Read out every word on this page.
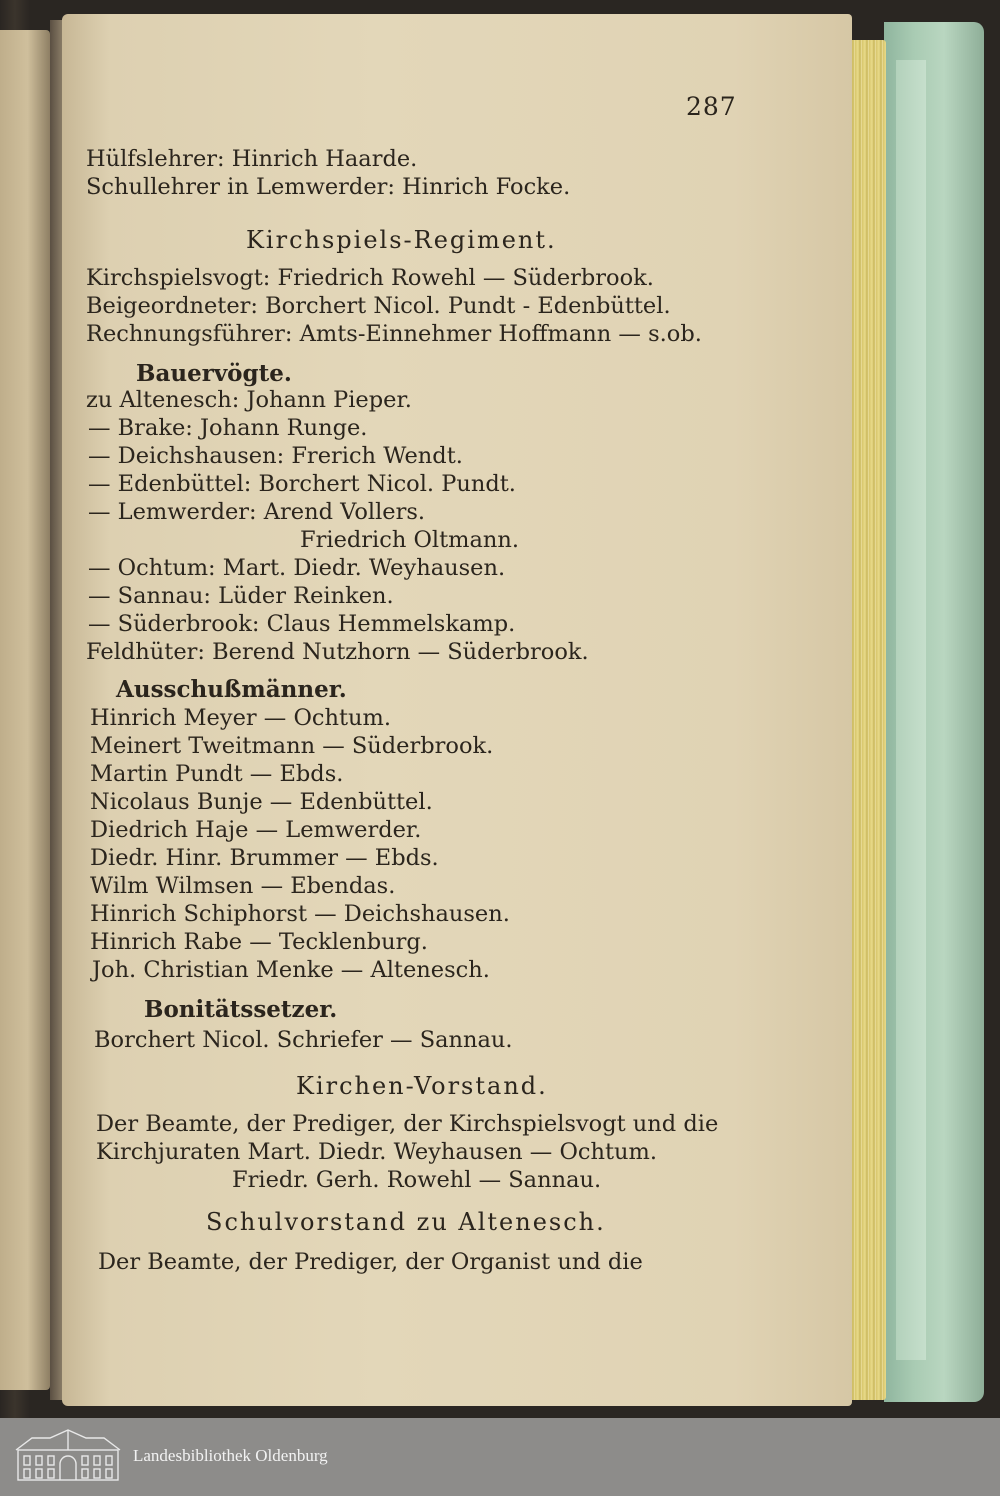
287
Hülfslehrer: Hinrich Haarde.
Schullehrer in Lemwerder: Hinrich Focke.
Kirchspiels-Regiment.
Kirchspielsvogt: Friedrich Rowehl — Süderbrook.
Beigeordneter: Borchert Nicol. Pundt - Edenbüttel.
Rechnungsführer: Amts-Einnehmer Hoffmann — s.ob.
Bauervögte.
zu Altenesch: Johann Pieper.
— Brake: Johann Runge.
— Deichshausen: Frerich Wendt.
— Edenbüttel: Borchert Nicol. Pundt.
— Lemwerder: Arend Vollers.
Friedrich Oltmann.
— Ochtum: Mart. Diedr. Weyhausen.
— Sannau: Lüder Reinken.
— Süderbrook: Claus Hemmelskamp.
Feldhüter: Berend Nutzhorn — Süderbrook.
Ausschußmänner.
Hinrich Meyer — Ochtum.
Meinert Tweitmann — Süderbrook.
Martin Pundt — Ebds.
Nicolaus Bunje — Edenbüttel.
Diedrich Haje — Lemwerder.
Diedr. Hinr. Brummer — Ebds.
Wilm Wilmsen — Ebendas.
Hinrich Schiphorst — Deichshausen.
Hinrich Rabe — Tecklenburg.
Joh. Christian Menke — Altenesch.
Bonitätssetzer.
Borchert Nicol. Schriefer — Sannau.
Kirchen-Vorstand.
Der Beamte, der Prediger, der Kirchspielsvogt und die
Kirchjuraten Mart. Diedr. Weyhausen — Ochtum.
Friedr. Gerh. Rowehl — Sannau.
Schulvorstand zu Altenesch.
Der Beamte, der Prediger, der Organist und die
Landesbibliothek Oldenburg
